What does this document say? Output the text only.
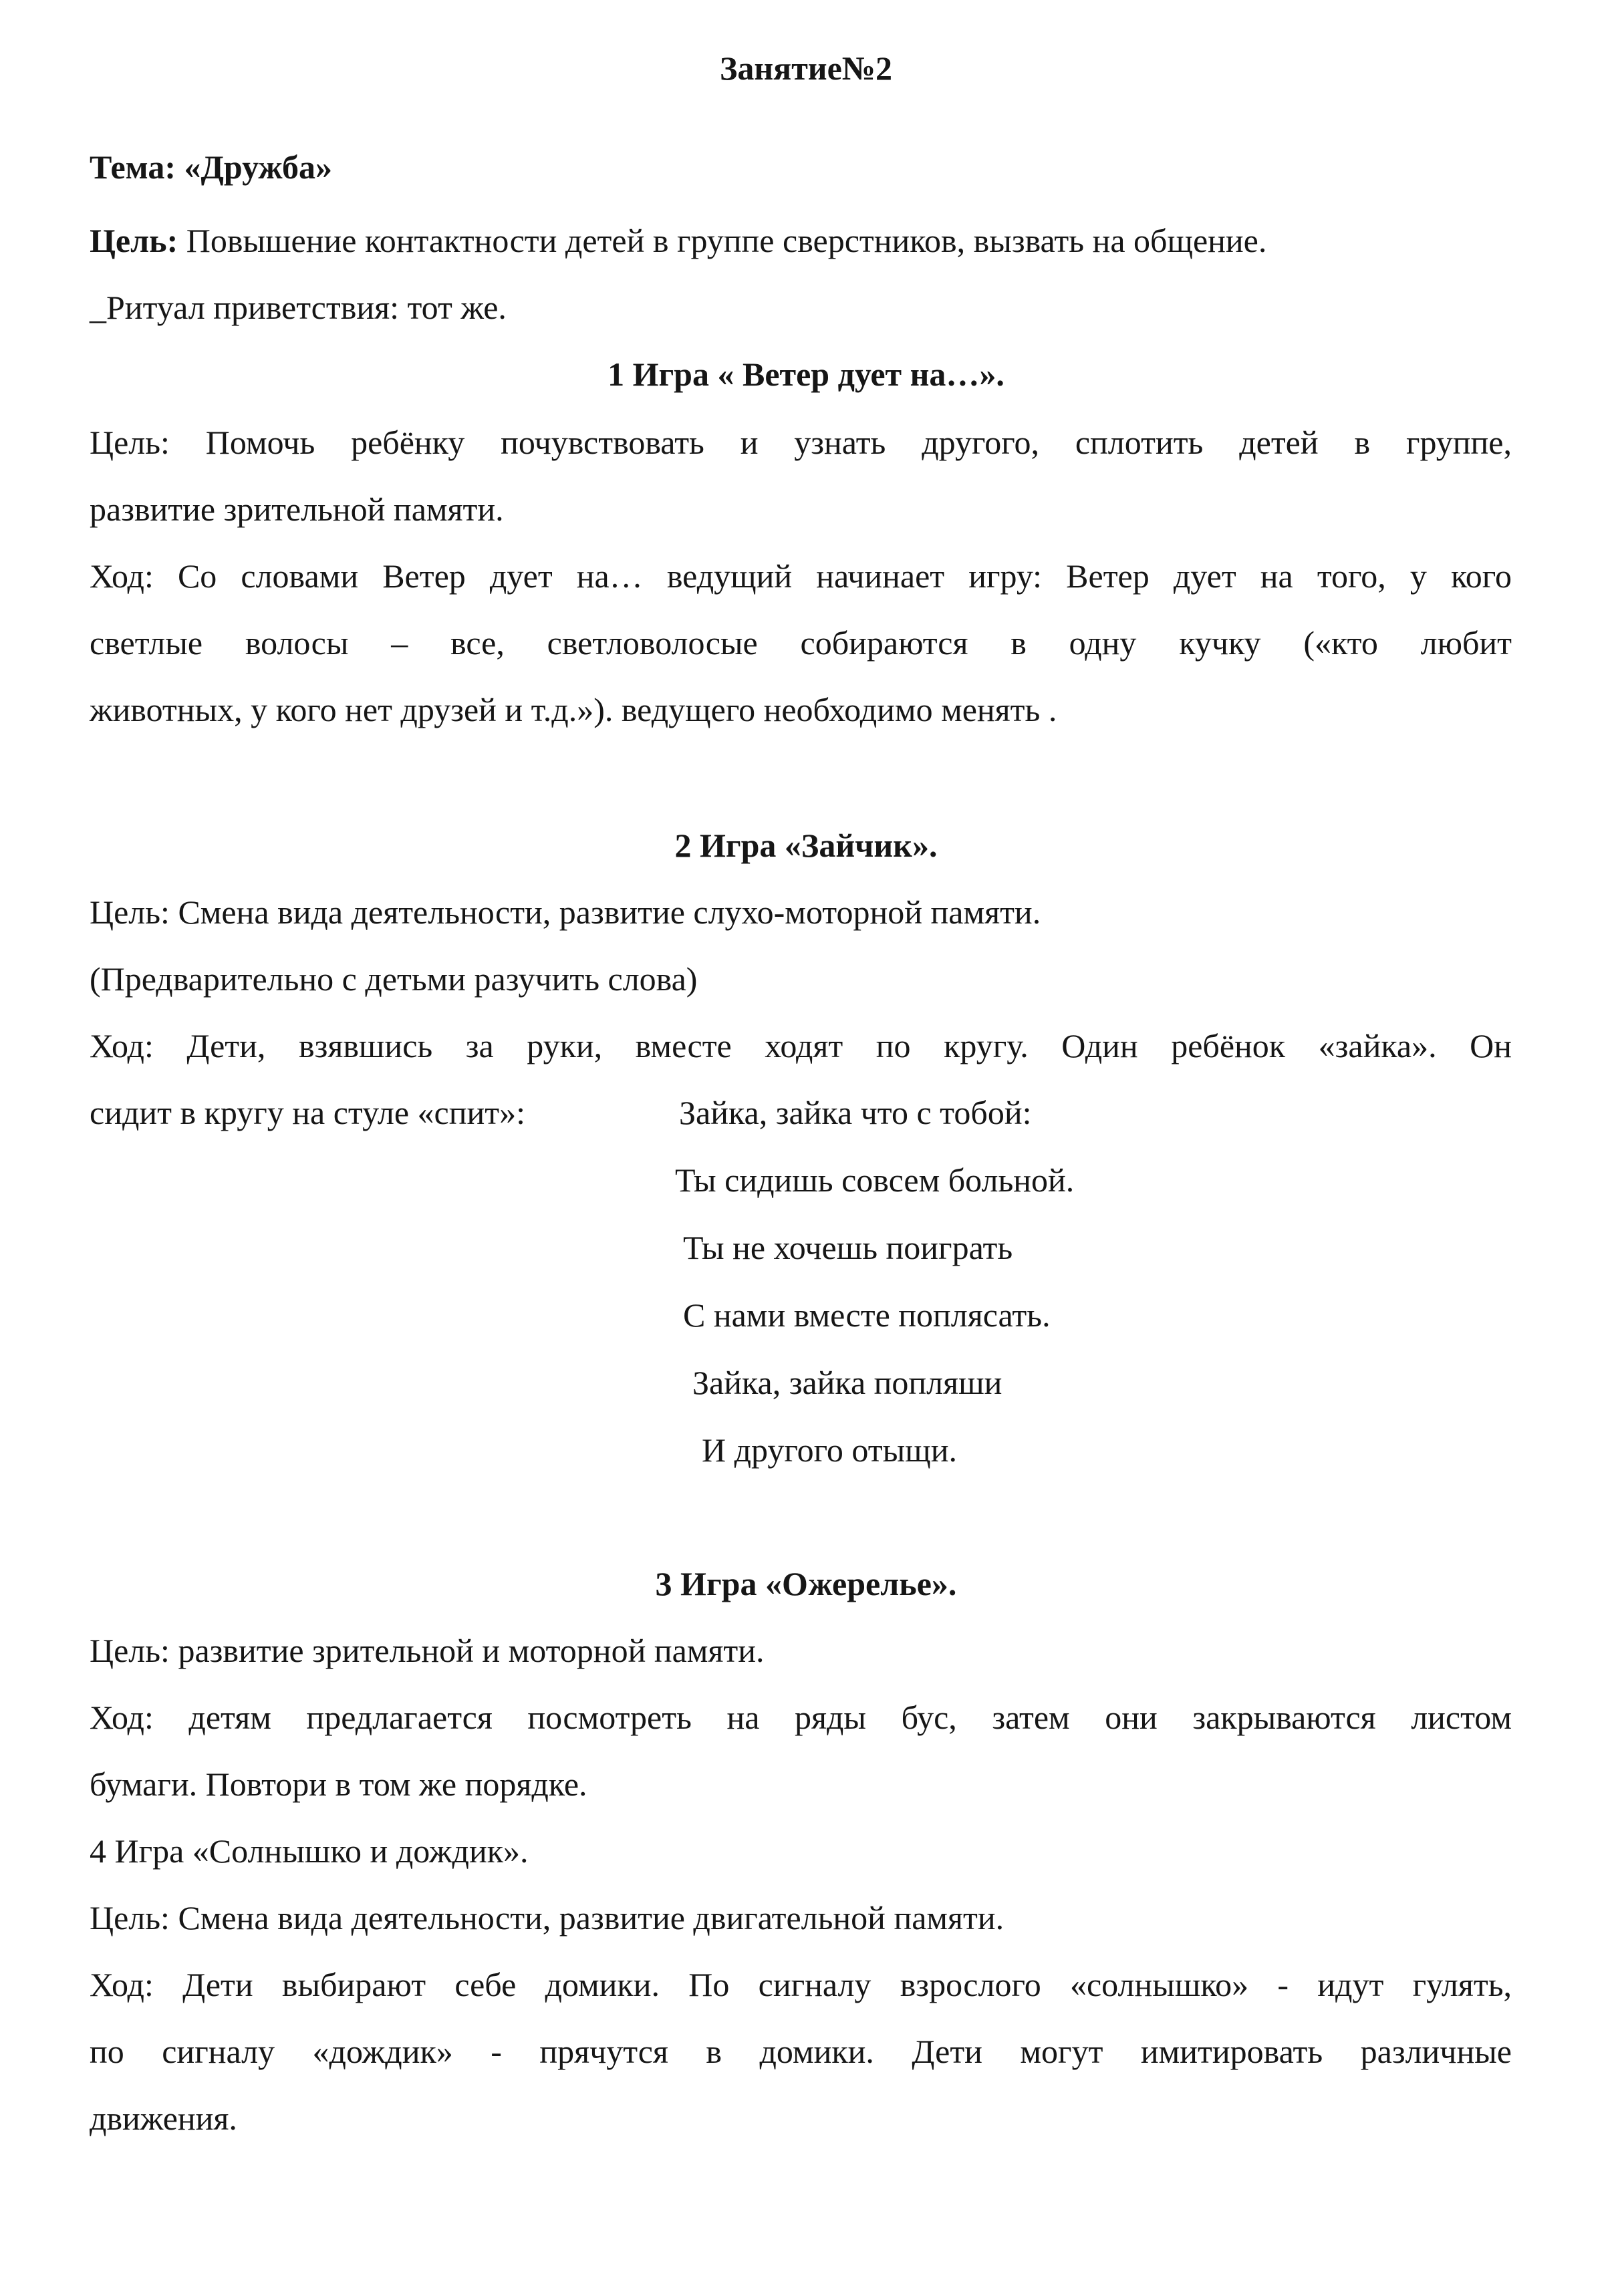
Занятие№2
Тема: «Дружба»
Цель: Повышение контактности детей в группе сверстников, вызвать на общение.
_Ритуал приветствия: тот же.
1 Игра « Ветер дует на…».
Цель: Помочь ребёнку почувствовать и узнать другого, сплотить детей в группе,
развитие зрительной памяти.
Ход: Со словами Ветер дует на… ведущий начинает игру: Ветер дует на того, у кого
светлые волосы – все, светловолосые собираются в одну кучку («кто любит
животных, у кого нет друзей и т.д.»). ведущего необходимо менять .
2 Игра «Зайчик».
Цель: Смена вида деятельности, развитие слухо-моторной памяти.
(Предварительно с детьми разучить слова)
Ход: Дети, взявшись за руки, вместе ходят по кругу. Один ребёнок «зайка». Он
сидит в кругу на стуле «спит»:	Зайка, зайка что с тобой:
Ты сидишь совсем больной.
Ты не хочешь поиграть
С нами вместе поплясать.
Зайка, зайка попляши
И другого отыщи.
3 Игра «Ожерелье».
Цель: развитие зрительной и моторной памяти.
Ход: детям предлагается посмотреть на ряды бус, затем они закрываются листом
бумаги. Повтори в том же порядке.
4 Игра «Солнышко и дождик».
Цель: Смена вида деятельности, развитие двигательной памяти.
Ход: Дети выбирают себе домики. По сигналу взрослого «солнышко» - идут гулять,
по сигналу «дождик» - прячутся в домики. Дети могут имитировать различные
движения.
